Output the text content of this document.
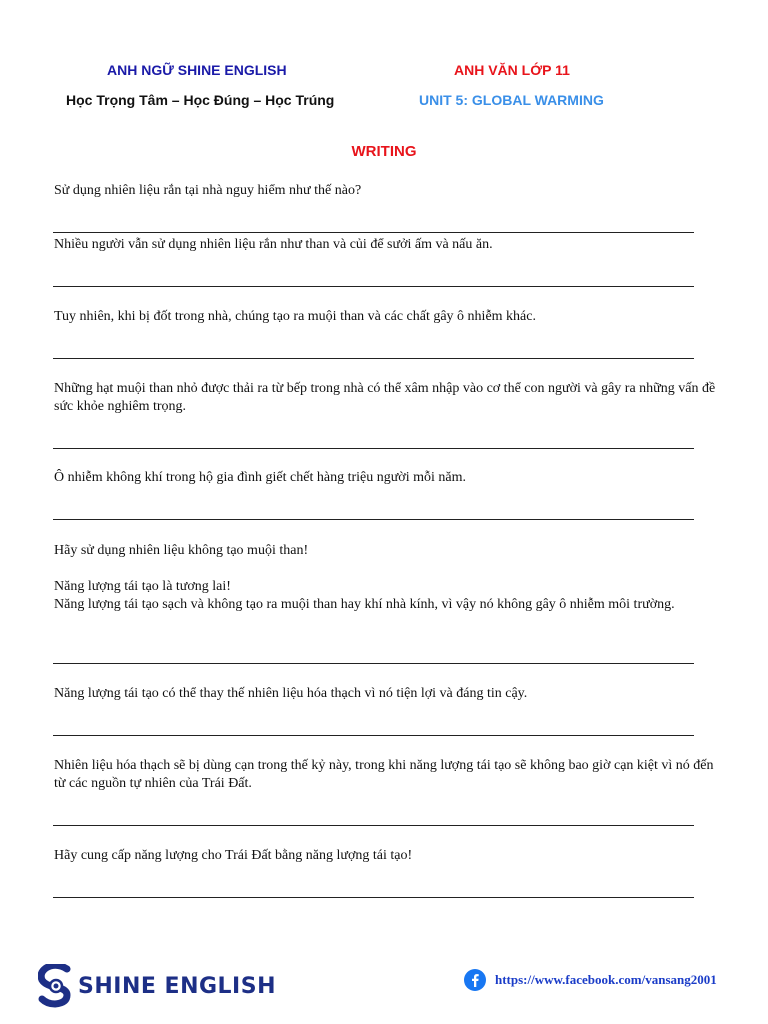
ANH NGỮ SHINE ENGLISH
Học Trọng Tâm – Học Đúng – Học Trúng
ANH VĂN LỚP 11
UNIT 5: GLOBAL WARMING
WRITING
Sử dụng nhiên liệu rắn tại nhà nguy hiểm như thế nào?
Nhiều người vẫn sử dụng nhiên liệu rắn như than và củi để sưởi ấm và nấu ăn.
Tuy nhiên, khi bị đốt trong nhà, chúng tạo ra muội than và các chất gây ô nhiễm khác.
Những hạt muội than nhỏ được thải ra từ bếp trong nhà có thể xâm nhập vào cơ thể con người và gây ra những vấn đề sức khỏe nghiêm trọng.
Ô nhiễm không khí trong hộ gia đình giết chết hàng triệu người mỗi năm.
Hãy sử dụng nhiên liệu không tạo muội than!
Năng lượng tái tạo là tương lai!
Năng lượng tái tạo sạch và không tạo ra muội than hay khí nhà kính, vì vậy nó không gây ô nhiễm môi trường.
Năng lượng tái tạo có thể thay thế nhiên liệu hóa thạch vì nó tiện lợi và đáng tin cậy.
Nhiên liệu hóa thạch sẽ bị dùng cạn trong thế kỷ này, trong khi năng lượng tái tạo sẽ không bao giờ cạn kiệt vì nó đến từ các nguồn tự nhiên của Trái Đất.
Hãy cung cấp năng lượng cho Trái Đất bằng năng lượng tái tạo!
SHINE ENGLISH	https://www.facebook.com/vansang2001
